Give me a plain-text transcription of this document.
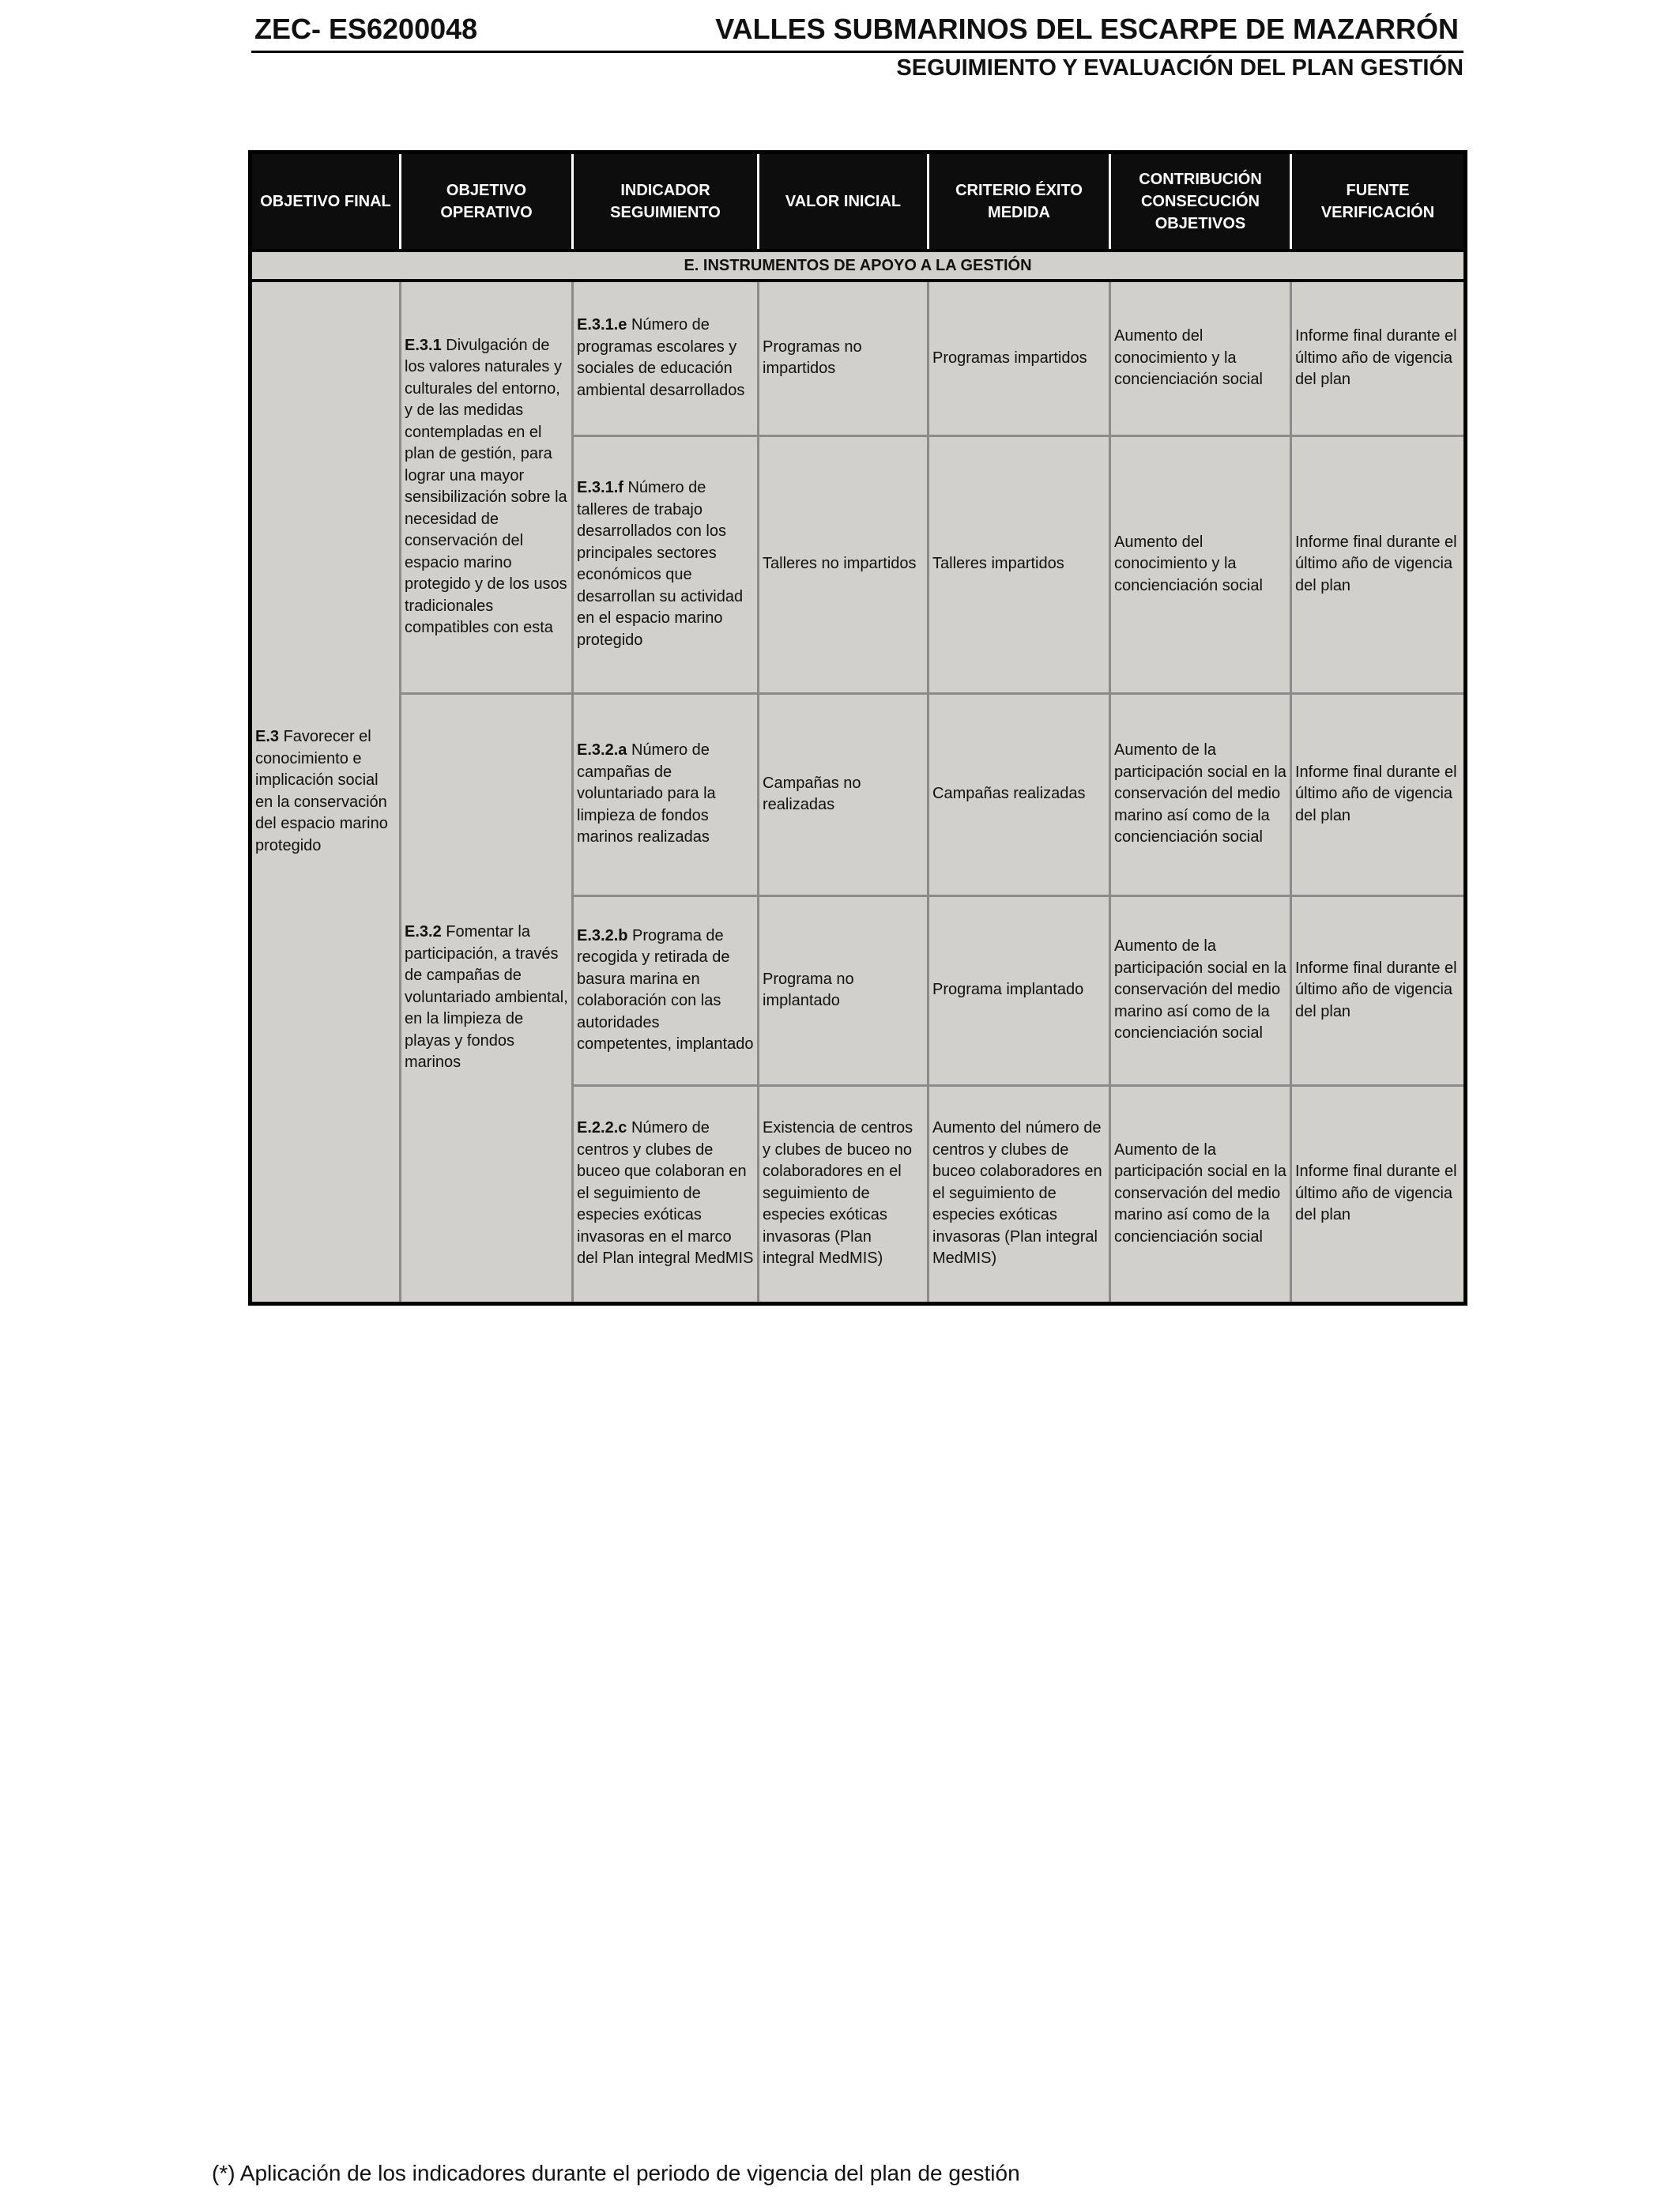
ZEC- ES6200048	VALLES SUBMARINOS DEL ESCARPE DE MAZARRÓN
SEGUIMIENTO Y EVALUACIÓN DEL PLAN GESTIÓN
OBJETIVO FINAL	OBJETIVO OPERATIVO	INDICADOR SEGUIMIENTO	VALOR INICIAL	CRITERIO ÉXITO MEDIDA	CONTRIBUCIÓN CONSECUCIÓN OBJETIVOS	FUENTE VERIFICACIÓN
E. INSTRUMENTOS DE APOYO A LA GESTIÓN						
E.3 Favorecer el conocimiento e implicación social en la conservación del espacio marino protegido	E.3.1 Divulgación de los valores naturales y culturales del entorno, y de las medidas contempladas en el plan de gestión, para lograr una mayor sensibilización sobre la necesidad de conservación del espacio marino protegido y de los usos tradicionales compatibles con esta	E.3.1.e Número de programas escolares y sociales de educación ambiental desarrollados	Programas no impartidos	Programas impartidos	Aumento del conocimiento y la concienciación social	Informe final durante el último año de vigencia del plan
		E.3.1.f Número de talleres de trabajo desarrollados con los principales sectores económicos que desarrollan su actividad en el espacio marino protegido	Talleres no impartidos	Talleres impartidos	Aumento del conocimiento y la concienciación social	Informe final durante el último año de vigencia del plan
	E.3.2 Fomentar la participación, a través de campañas de voluntariado ambiental, en la limpieza de playas y fondos marinos	E.3.2.a Número de campañas de voluntariado para la limpieza de fondos marinos realizadas	Campañas no realizadas	Campañas realizadas	Aumento de la participación social en la conservación del medio marino así como de la concienciación social	Informe final durante el último año de vigencia del plan
		E.3.2.b Programa de recogida y retirada de basura marina en colaboración con las autoridades competentes, implantado	Programa no implantado	Programa implantado	Aumento de la participación social en la conservación del medio marino así como de la concienciación social	Informe final durante el último año de vigencia del plan
		E.2.2.c Número de centros y clubes de buceo que colaboran en el seguimiento de especies exóticas invasoras en el marco del Plan integral MedMIS	Existencia de centros y clubes de buceo no colaboradores en el seguimiento de especies exóticas invasoras (Plan integral MedMIS)	Aumento del número de centros y clubes de buceo colaboradores en el seguimiento de especies exóticas invasoras (Plan integral MedMIS)	Aumento de la participación social en la conservación del medio marino así como de la concienciación social	Informe final durante el último año de vigencia del plan
(*) Aplicación de los indicadores durante el periodo de vigencia del plan de gestión
